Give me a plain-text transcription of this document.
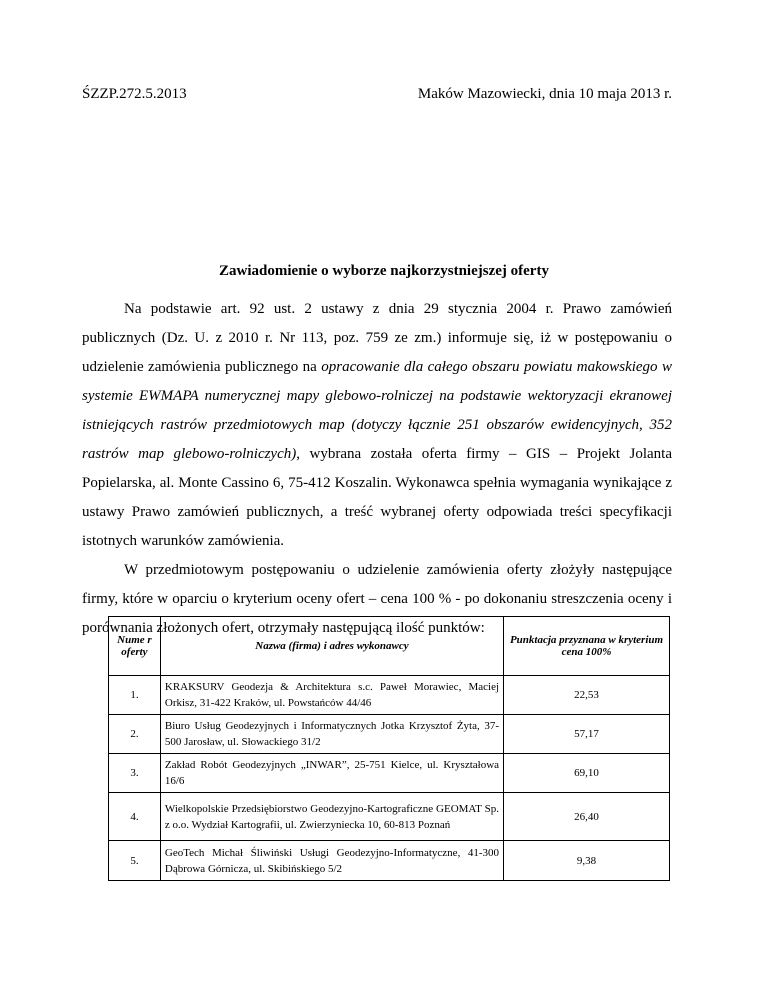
ŚZZP.272.5.2013	Maków Mazowiecki, dnia 10 maja 2013 r.
Zawiadomienie o wyborze najkorzystniejszej oferty

Na podstawie art. 92 ust. 2 ustawy z dnia 29 stycznia 2004 r. Prawo zamówień publicznych (Dz. U. z 2010 r. Nr 113, poz. 759 ze zm.) informuje się, iż w postępowaniu o udzielenie zamówienia publicznego na opracowanie dla całego obszaru powiatu makowskiego w systemie EWMAPA numerycznej mapy glebowo-rolniczej na podstawie wektoryzacji ekranowej istniejących rastrów przedmiotowych map (dotyczy łącznie 251 obszarów ewidencyjnych, 352 rastrów map glebowo-rolniczych), wybrana została oferta firmy – GIS – Projekt Jolanta Popielarska, al. Monte Cassino 6, 75-412 Koszalin. Wykonawca spełnia wymagania wynikające z ustawy Prawo zamówień publicznych, a treść wybranej oferty odpowiada treści specyfikacji istotnych warunków zamówienia.

W przedmiotowym postępowaniu o udzielenie zamówienia oferty złożyły następujące firmy, które w oparciu o kryterium oceny ofert – cena 100 % - po dokonaniu streszczenia oceny i porównania złożonych ofert, otrzymały następującą ilość punktów:

Nume r oferty	Nazwa (firma) i adres wykonawcy	Punktacja przyznana w kryterium cena 100%
1.	KRAKSURV Geodezja & Architektura s.c. Paweł Morawiec, Maciej Orkisz, 31-422 Kraków, ul. Powstańców 44/46	22,53
2.	Biuro Usług Geodezyjnych i Informatycznych Jotka Krzysztof Żyta, 37-500 Jarosław, ul. Słowackiego 31/2	57,17
3.	Zakład Robót Geodezyjnych „INWAR”, 25-751 Kielce, ul. Kryształowa 16/6	69,10
4.	Wielkopolskie Przedsiębiorstwo Geodezyjno-Kartograficzne GEOMAT Sp. z o.o. Wydział Kartografii, ul. Zwierzyniecka 10, 60-813 Poznań	26,40
5.	GeoTech Michał Śliwiński Usługi Geodezyjno-Informatyczne, 41-300 Dąbrowa Górnicza, ul. Skibińskiego 5/2	9,38
